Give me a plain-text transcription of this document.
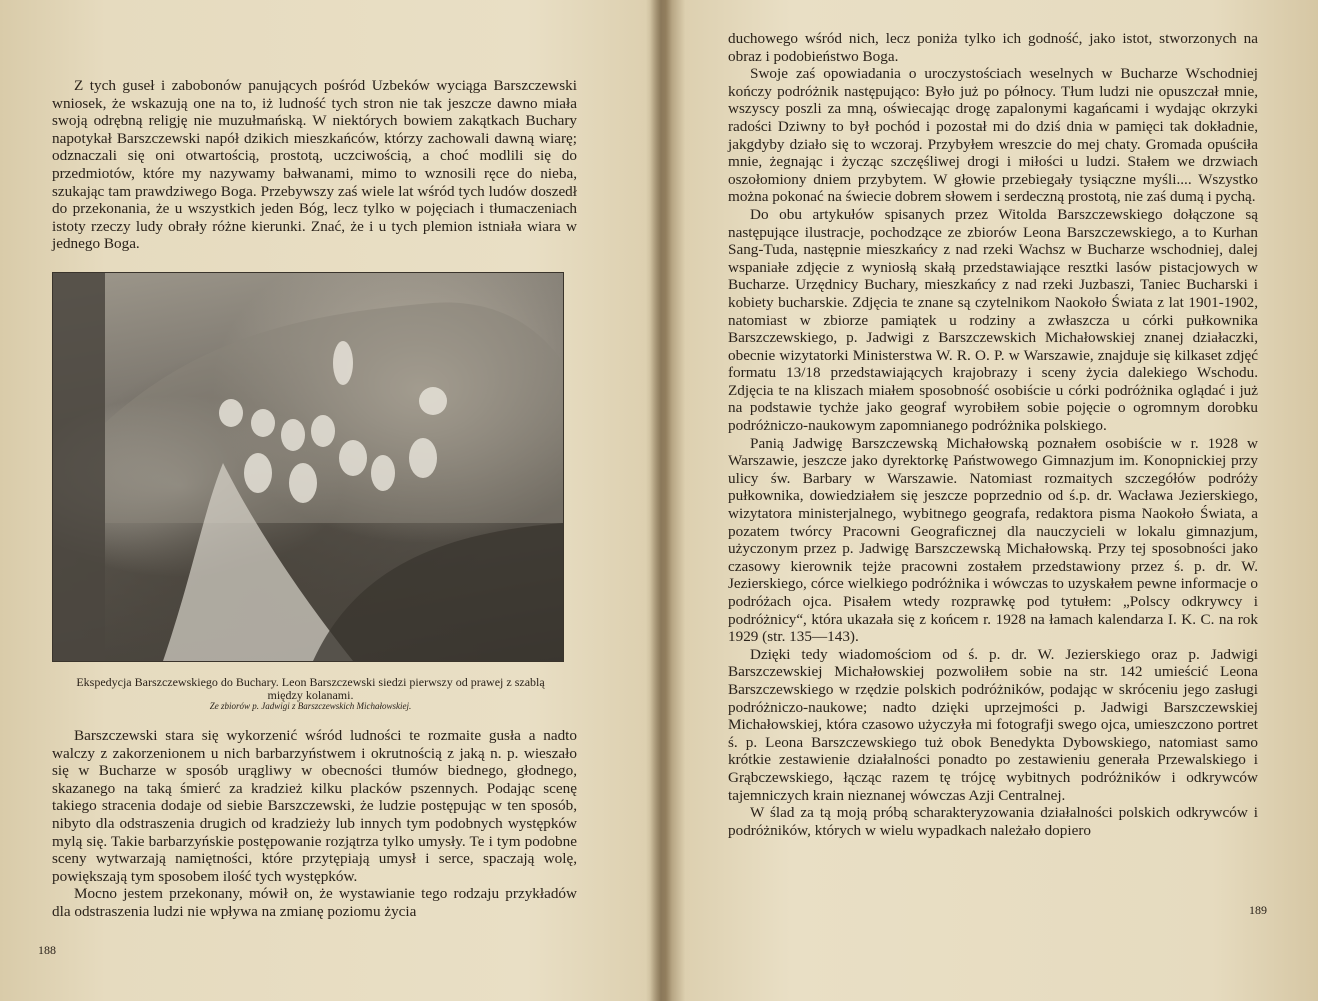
Z tych guseł i zabobonów panujących pośród Uzbeków wyciąga Barszczewski wniosek, że wskazują one na to, iż ludność tych stron nie tak jeszcze dawno miała swoją odrębną religję nie muzułmańską. W niektórych bowiem zakątkach Buchary napotykał Barszczewski napół dzikich mieszkańców, którzy zachowali dawną wiarę; odznaczali się oni otwartością, prostotą, uczciwością, a choć modlili się do przedmiotów, które my nazywamy bałwanami, mimo to wznosili ręce do nieba, szukając tam prawdziwego Boga. Przebywszy zaś wiele lat wśród tych ludów doszedł do przekonania, że u wszystkich jeden Bóg, lecz tylko w pojęciach i tłumaczeniach istoty rzeczy ludy obrały różne kierunki. Znać, że i u tych plemion istniała wiara w jednego Boga.

Ekspedycja Barszczewskiego do Buchary. Leon Barszczewski siedzi pierwszy od prawej z szablą między kolanami.
Ze zbiorów p. Jadwigi z Barszczewskich Michałowskiej.

Barszczewski stara się wykorzenić wśród ludności te rozmaite gusła a nadto walczy z zakorzenionem u nich barbarzyństwem i okrutnością z jaką n. p. wieszało się w Bucharze w sposób urągliwy w obecności tłumów biednego, głodnego, skazanego na taką śmierć za kradzież kilku placków pszennych. Podając scenę takiego stracenia dodaje od siebie Barszczewski, że ludzie postępując w ten sposób, nibyto dla odstraszenia drugich od kradzieży lub innych tym podobnych występków mylą się. Takie barbarzyńskie postępowanie rozjątrza tylko umysły. Te i tym podobne sceny wytwarzają namiętności, które przytępiają umysł i serce, spaczają wolę, powiększają tym sposobem ilość tych występków.

Mocno jestem przekonany, mówił on, że wystawianie tego rodzaju przykładów dla odstraszenia ludzi nie wpływa na zmianę poziomu życia

188

duchowego wśród nich, lecz poniża tylko ich godność, jako istot, stworzonych na obraz i podobieństwo Boga.

Swoje zaś opowiadania o uroczystościach weselnych w Bucharze Wschodniej kończy podróżnik następująco: Było już po północy. Tłum ludzi nie opuszczał mnie, wszyscy poszli za mną, oświecając drogę zapalonymi kagańcami i wydając okrzyki radości Dziwny to był pochód i pozostał mi do dziś dnia w pamięci tak dokładnie, jakgdyby działo się to wczoraj. Przybyłem wreszcie do mej chaty. Gromada opuściła mnie, żegnając i życząc szczęśliwej drogi i miłości u ludzi. Stałem we drzwiach oszołomiony dniem przybytem. W głowie przebiegały tysiączne myśli.... Wszystko można pokonać na świecie dobrem słowem i serdeczną prostotą, nie zaś dumą i pychą.

Do obu artykułów spisanych przez Witolda Barszczewskiego dołączone są następujące ilustracje, pochodzące ze zbiorów Leona Barszczewskiego, a to Kurhan Sang-Tuda, następnie mieszkańcy z nad rzeki Wachsz w Bucharze wschodniej, dalej wspaniałe zdjęcie z wyniosłą skałą przedstawiające resztki lasów pistacjowych w Bucharze. Urzędnicy Buchary, mieszkańcy z nad rzeki Juzbaszi, Taniec Bucharski i kobiety bucharskie. Zdjęcia te znane są czytelnikom Naokoło Świata z lat 1901-1902, natomiast w zbiorze pamiątek u rodziny a zwłaszcza u córki pułkownika Barszczewskiego, p. Jadwigi z Barszczewskich Michałowskiej znanej działaczki, obecnie wizytatorki Ministerstwa W. R. O. P. w Warszawie, znajduje się kilkaset zdjęć formatu 13/18 przedstawiających krajobrazy i sceny życia dalekiego Wschodu. Zdjęcia te na kliszach miałem sposobność osobiście u córki podróżnika oglądać i już na podstawie tychże jako geograf wyrobiłem sobie pojęcie o ogromnym dorobku podróżniczo-naukowym zapomnianego podróżnika polskiego.

Panią Jadwigę Barszczewską Michałowską poznałem osobiście w r. 1928 w Warszawie, jeszcze jako dyrektorkę Państwowego Gimnazjum im. Konopnickiej przy ulicy św. Barbary w Warszawie. Natomiast rozmaitych szczegółów podróży pułkownika, dowiedziałem się jeszcze poprzednio od ś.p. dr. Wacława Jezierskiego, wizytatora ministerjalnego, wybitnego geografa, redaktora pisma Naokoło Świata, a pozatem twórcy Pracowni Geograficznej dla nauczycieli w lokalu gimnazjum, użyczonym przez p. Jadwigę Barszczewską Michałowską. Przy tej sposobności jako czasowy kierownik tejże pracowni zostałem przedstawiony przez ś. p. dr. W. Jezierskiego, córce wielkiego podróżnika i wówczas to uzyskałem pewne informacje o podróżach ojca. Pisałem wtedy rozprawkę pod tytułem: „Polscy odkrywcy i podróżnicy“, która ukazała się z końcem r. 1928 na łamach kalendarza I. K. C. na rok 1929 (str. 135—143).

Dzięki tedy wiadomościom od ś. p. dr. W. Jezierskiego oraz p. Jadwigi Barszczewskiej Michałowskiej pozwoliłem sobie na str. 142 umieścić Leona Barszczewskiego w rzędzie polskich podróżników, podając w skróceniu jego zasługi podróżniczo-naukowe; nadto dzięki uprzejmości p. Jadwigi Barszczewskiej Michałowskiej, która czasowo użyczyła mi fotografji swego ojca, umieszczono portret ś. p. Leona Barszczewskiego tuż obok Benedykta Dybowskiego, natomiast samo krótkie zestawienie działalności ponadto po zestawieniu generała Przewalskiego i Grąbczewskiego, łącząc razem tę trójcę wybitnych podróżników i odkrywców tajemniczych krain nieznanej wówczas Azji Centralnej.

W ślad za tą moją próbą scharakteryzowania działalności polskich odkrywców i podróżników, których w wielu wypadkach należało dopiero

189
